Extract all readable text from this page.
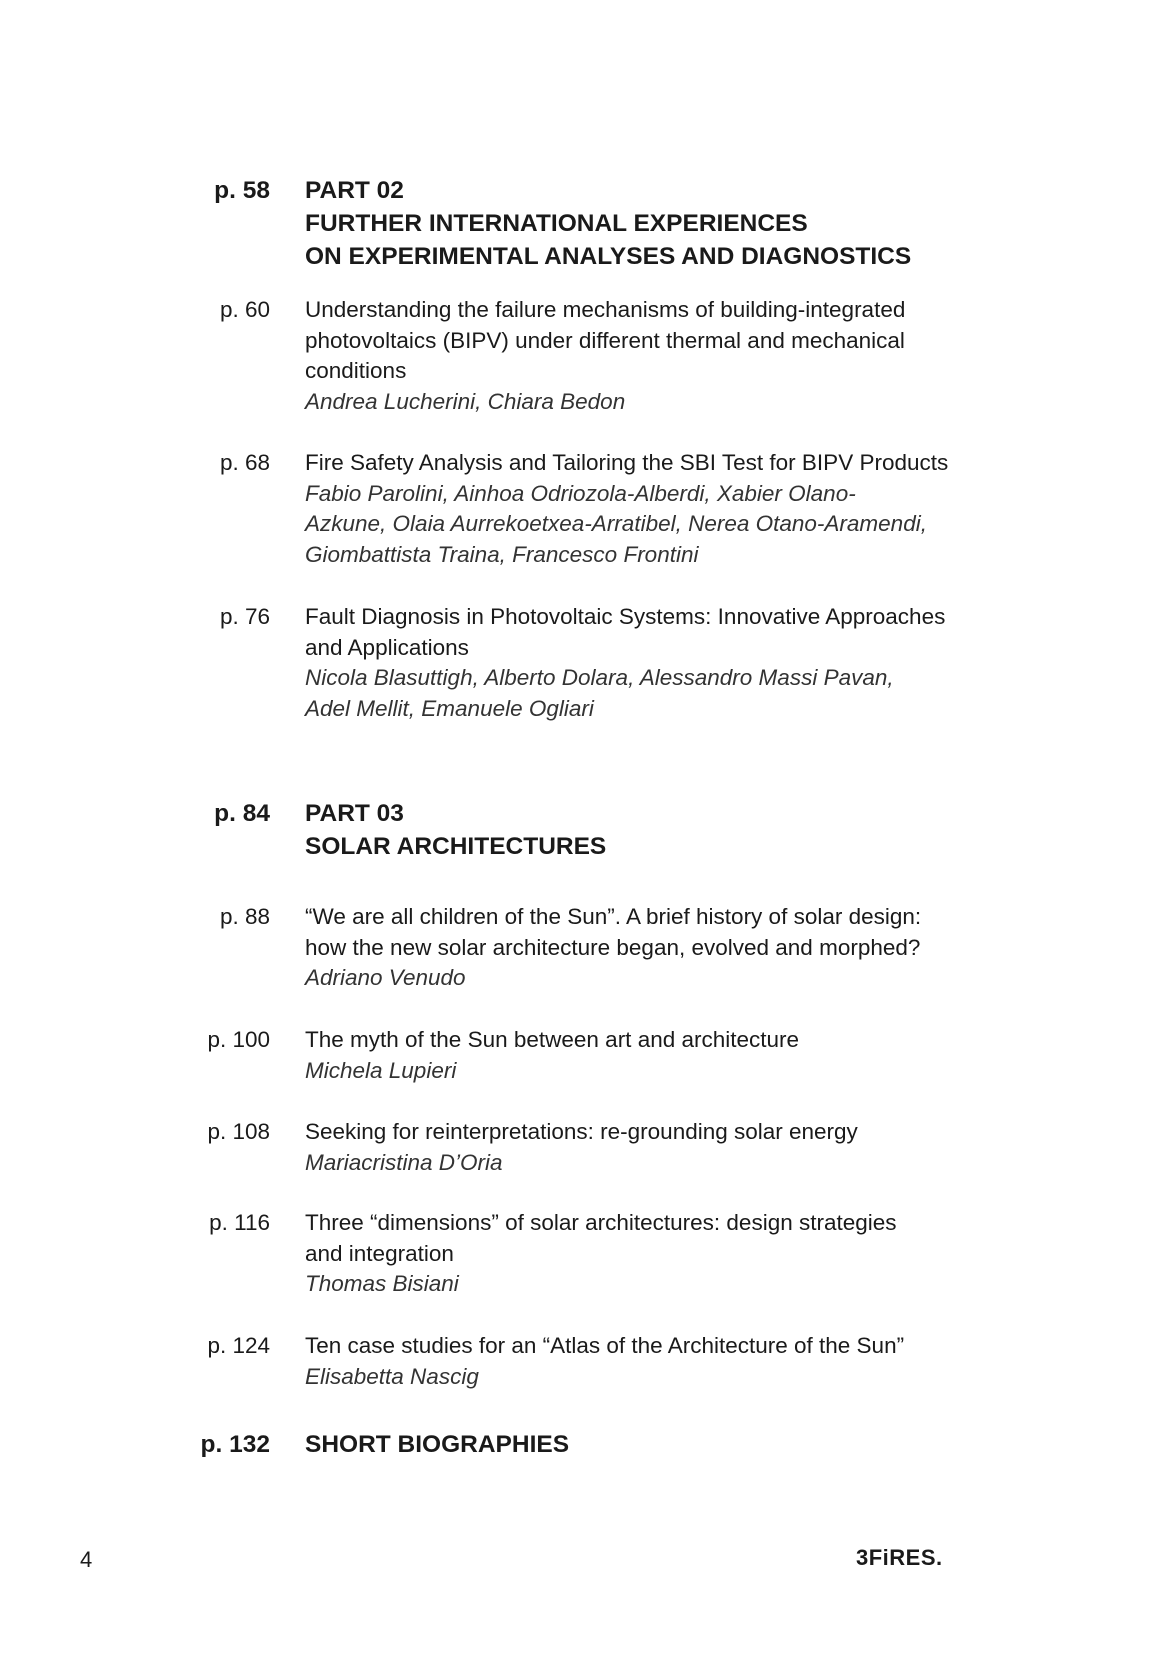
p. 58 PART 02
FURTHER INTERNATIONAL EXPERIENCES
ON EXPERIMENTAL ANALYSES AND DIAGNOSTICS
p. 60 Understanding the failure mechanisms of building-integrated
photovoltaics (BIPV) under different thermal and mechanical
conditions
Andrea Lucherini, Chiara Bedon
p. 68 Fire Safety Analysis and Tailoring the SBI Test for BIPV Products
Fabio Parolini, Ainhoa Odriozola-Alberdi, Xabier Olano-
Azkune, Olaia Aurrekoetxea-Arratibel, Nerea Otano-Aramendi,
Giombattista Traina, Francesco Frontini
p. 76 Fault Diagnosis in Photovoltaic Systems: Innovative Approaches
and Applications
Nicola Blasuttigh, Alberto Dolara, Alessandro Massi Pavan,
Adel Mellit, Emanuele Ogliari
p. 84 PART 03
SOLAR ARCHITECTURES
p. 88 “We are all children of the Sun”. A brief history of solar design:
how the new solar architecture began, evolved and morphed?
Adriano Venudo
p. 100 The myth of the Sun between art and architecture
Michela Lupieri
p. 108 Seeking for reinterpretations: re-grounding solar energy
Mariacristina D’Oria
p. 116 Three “dimensions” of solar architectures: design strategies
and integration
Thomas Bisiani
p. 124 Ten case studies for an “Atlas of the Architecture of the Sun”
Elisabetta Nascig
p. 132 SHORT BIOGRAPHIES
4	3FiRES.
